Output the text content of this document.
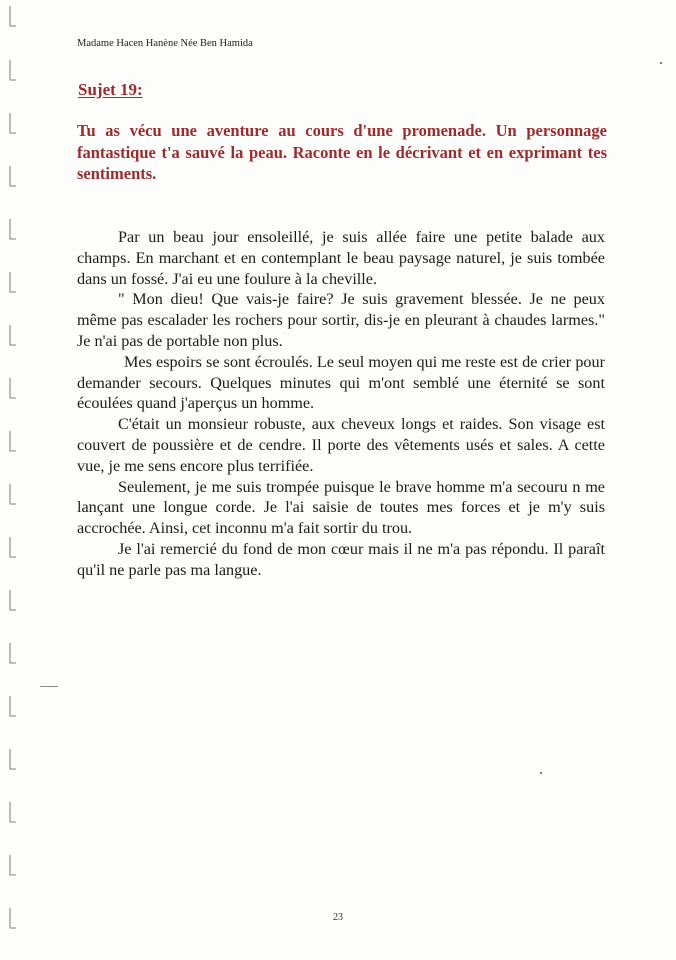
Madame Hacen Hanène Née Ben Hamida
Sujet 19:

Tu as vécu une aventure au cours d'une promenade. Un personnage fantastique t'a sauvé la peau. Raconte en le décrivant et en exprimant tes sentiments.

Par un beau jour ensoleillé, je suis allée faire une petite balade aux champs. En marchant et en contemplant le beau paysage naturel, je suis tombée dans un fossé. J'ai eu une foulure à la cheville.

" Mon dieu! Que vais-je faire? Je suis gravement blessée. Je ne peux même pas escalader les rochers pour sortir, dis-je en pleurant à chaudes larmes." Je n'ai pas de portable non plus.

Mes espoirs se sont écroulés. Le seul moyen qui me reste est de crier pour demander secours. Quelques minutes qui m'ont semblé une éternité se sont écoulées quand j'aperçus un homme.

C'était un monsieur robuste, aux cheveux longs et raides. Son visage est couvert de poussière et de cendre. Il porte des vêtements usés et sales. A cette vue, je me sens encore plus terrifiée.

Seulement, je me suis trompée puisque le brave homme m'a secouru n me lançant une longue corde. Je l'ai saisie de toutes mes forces et je m'y suis accrochée. Ainsi, cet inconnu m'a fait sortir du trou.

Je l'ai remercié du fond de mon cœur mais il ne m'a pas répondu. Il paraît qu'il ne parle pas ma langue.

23
